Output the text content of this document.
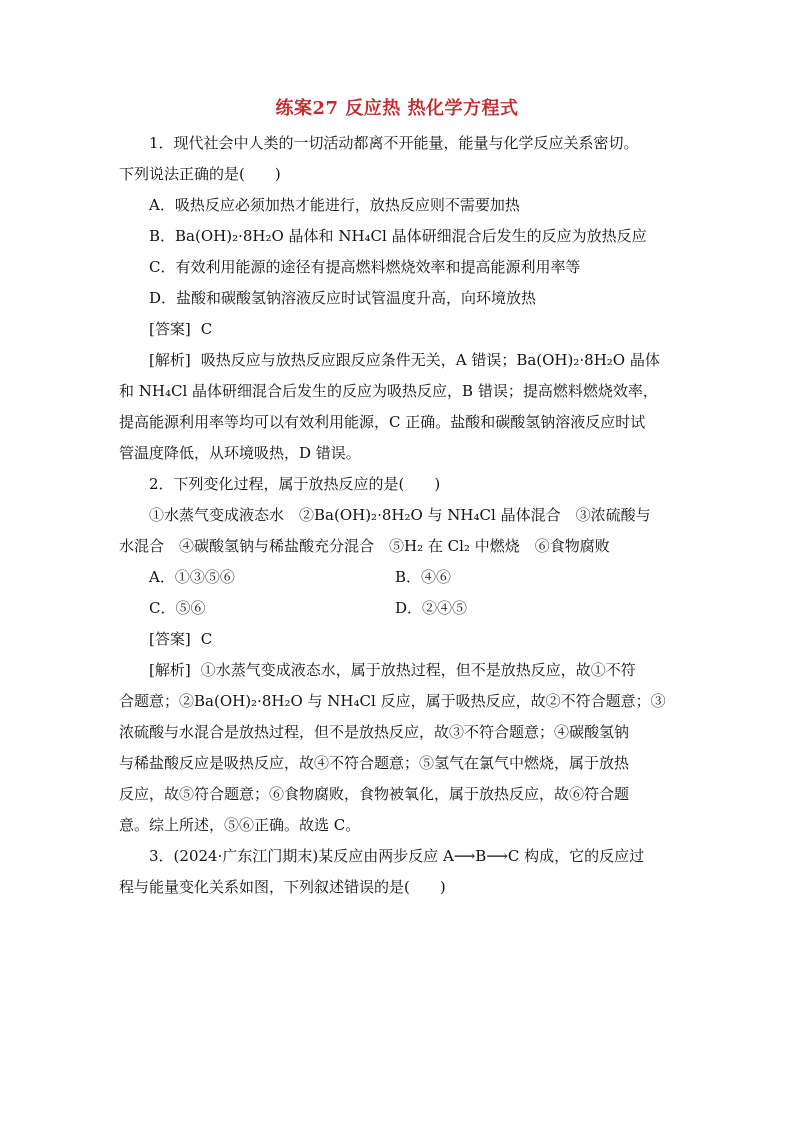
练案27 反应热 热化学方程式
1．现代社会中人类的一切活动都离不开能量，能量与化学反应关系密切。
下列说法正确的是(　　)
A．吸热反应必须加热才能进行，放热反应则不需要加热
B．Ba(OH)₂·8H₂O 晶体和 NH₄Cl 晶体研细混合后发生的反应为放热反应
C．有效利用能源的途径有提高燃料燃烧效率和提高能源利用率等
D．盐酸和碳酸氢钠溶液反应时试管温度升高，向环境放热
[答案] C
[解析] 吸热反应与放热反应跟反应条件无关，A 错误；Ba(OH)₂·8H₂O 晶体
和 NH₄Cl 晶体研细混合后发生的反应为吸热反应，B 错误；提高燃料燃烧效率，
提高能源利用率等均可以有效利用能源，C 正确。盐酸和碳酸氢钠溶液反应时试
管温度降低，从环境吸热，D 错误。
2．下列变化过程，属于放热反应的是(　　)
①水蒸气变成液态水　②Ba(OH)₂·8H₂O 与 NH₄Cl 晶体混合　③浓硫酸与
水混合　④碳酸氢钠与稀盐酸充分混合　⑤H₂ 在 Cl₂ 中燃烧　⑥食物腐败
A．①③⑤⑥	B．④⑥
C．⑤⑥	D．②④⑤
[答案] C
[解析] ①水蒸气变成液态水，属于放热过程，但不是放热反应，故①不符
合题意；②Ba(OH)₂·8H₂O 与 NH₄Cl 反应，属于吸热反应，故②不符合题意；③
浓硫酸与水混合是放热过程，但不是放热反应，故③不符合题意；④碳酸氢钠
与稀盐酸反应是吸热反应，故④不符合题意；⑤氢气在氯气中燃烧，属于放热
反应，故⑤符合题意；⑥食物腐败，食物被氧化，属于放热反应，故⑥符合题
意。综上所述，⑤⑥正确。故选 C。
3．(2024·广东江门期末)某反应由两步反应 A⟶B⟶C 构成，它的反应过
程与能量变化关系如图，下列叙述错误的是(　　)
